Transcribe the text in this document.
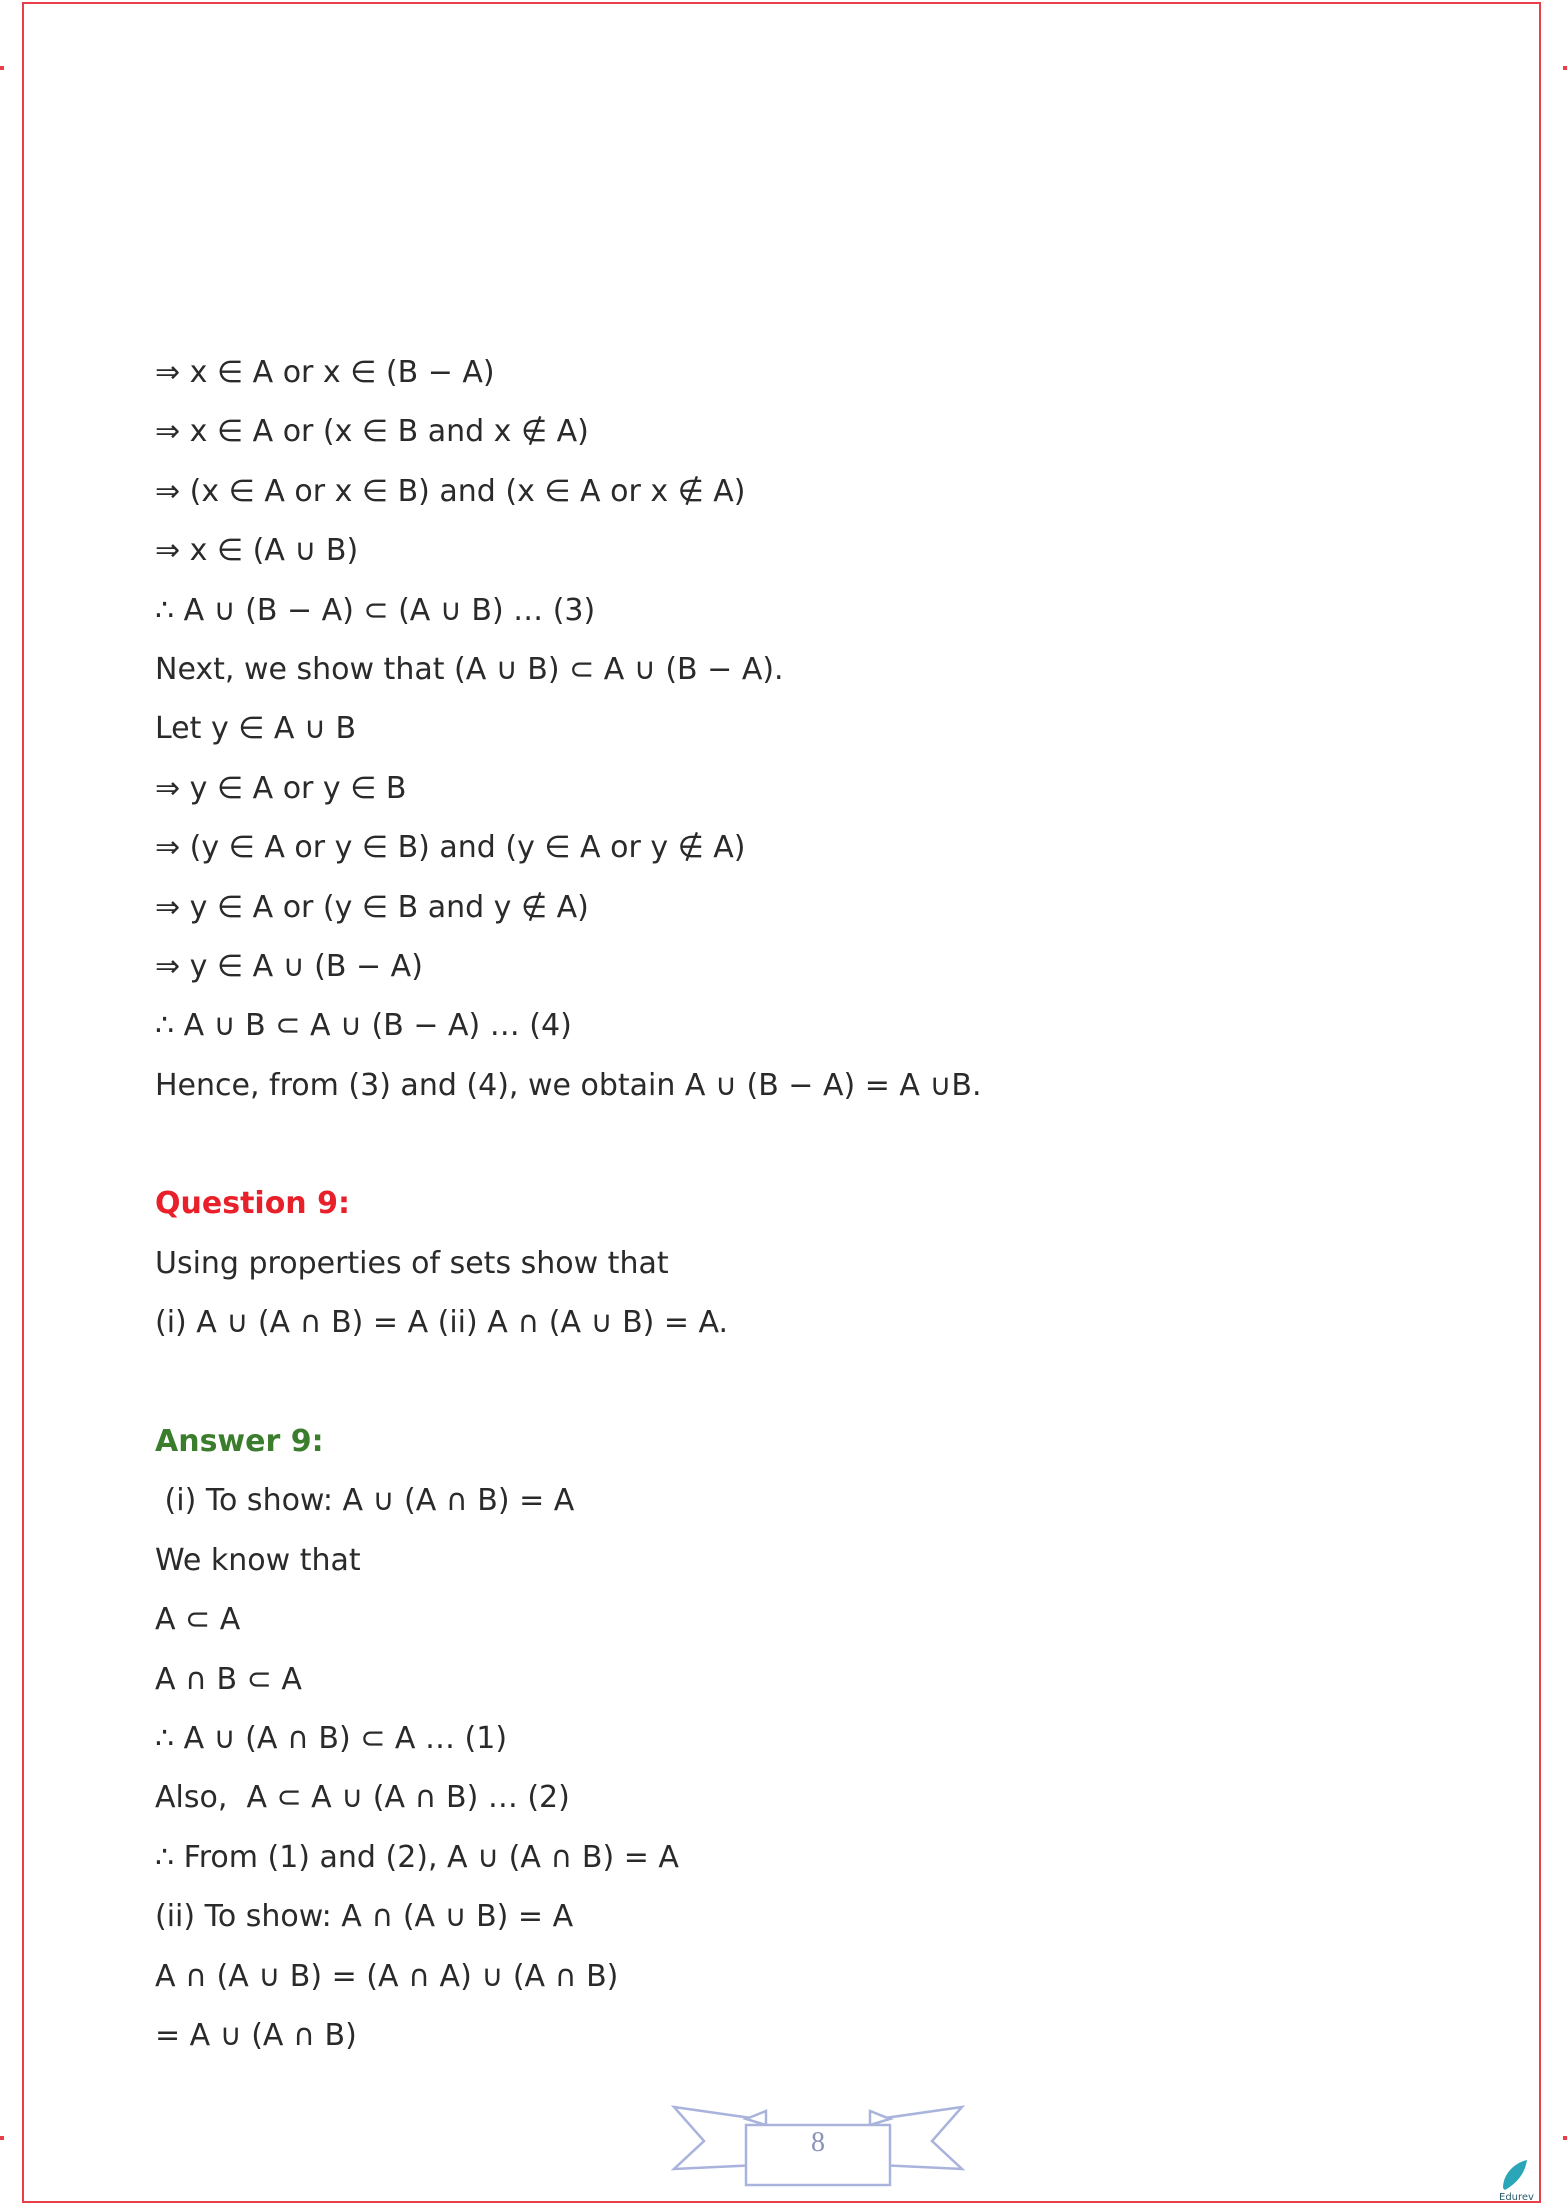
⇒ x ∈ A or x ∈ (B − A)
⇒ x ∈ A or (x ∈ B and x ∉ A)
⇒ (x ∈ A or x ∈ B) and (x ∈ A or x ∉ A)
⇒ x ∈ (A ∪ B)
∴ A ∪ (B − A) ⊂ (A ∪ B) … (3)
Next, we show that (A ∪ B) ⊂ A ∪ (B − A).
Let y ∈ A ∪ B
⇒ y ∈ A or y ∈ B
⇒ (y ∈ A or y ∈ B) and (y ∈ A or y ∉ A)
⇒ y ∈ A or (y ∈ B and y ∉ A)
⇒ y ∈ A ∪ (B − A)
∴ A ∪ B ⊂ A ∪ (B − A) … (4)
Hence, from (3) and (4), we obtain A ∪ (B − A) = A ∪B.
Question 9:
Using properties of sets show that
(i) A ∪ (A ∩ B) = A (ii) A ∩ (A ∪ B) = A.
Answer 9:
(i) To show: A ∪ (A ∩ B) = A
We know that
A ⊂ A
A ∩ B ⊂ A
∴ A ∪ (A ∩ B) ⊂ A … (1)
Also,  A ⊂ A ∪ (A ∩ B) … (2)
∴ From (1) and (2), A ∪ (A ∩ B) = A
(ii) To show: A ∩ (A ∪ B) = A
A ∩ (A ∪ B) = (A ∩ A) ∪ (A ∩ B)
= A ∪ (A ∩ B)
8
Edurev
